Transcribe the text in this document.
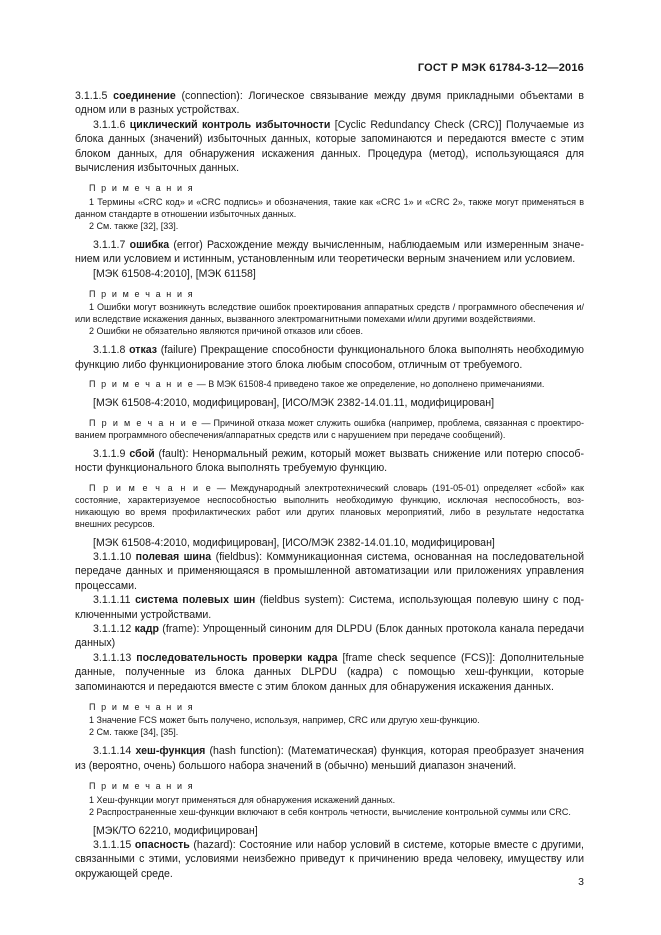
ГОСТ Р МЭК 61784-3-12—2016

3.1.1.5 соединение (connection): Логическое связывание между двумя прикладными объектами в одном или в разных устройствах.

3.1.1.6 циклический контроль избыточности [Cyclic Redundancy Check (CRC)] Получаемые из блока данных (значений) избыточных данных, которые запоминаются и передаются вместе с этим блоком данных, для обнаружения искажения данных. Процедура (метод), использующаяся для вычисления избыточных данных.

П р и м е ч а н и я

1 Термины «CRC код» и «CRC подпись» и обозначения, такие как «CRC 1» и «CRC 2», также могут применяться в данном стандарте в отношении избыточных данных.

2 См. также [32], [33].

3.1.1.7 ошибка (error) Расхождение между вычисленным, наблюдаемым или измеренным значением или условием и истинным, установленным или теоретически верным значением или условием.

[МЭК 61508-4:2010], [МЭК 61158]

П р и м е ч а н и я

1 Ошибки могут возникнуть вследствие ошибок проектирования аппаратных средств / программного обеспечения и/или вследствие искажения данных, вызванного электромагнитными помехами и/или другими воздействиями.

2 Ошибки не обязательно являются причиной отказов или сбоев.

3.1.1.8 отказ (failure) Прекращение способности функционального блока выполнять необходимую функцию либо функционирование этого блока любым способом, отличным от требуемого.

П р и м е ч а н и е — В МЭК 61508-4 приведено такое же определение, но дополнено примечаниями.

[МЭК 61508-4:2010, модифицирован], [ИСО/МЭК 2382-14.01.11, модифицирован]

П р и м е ч а н и е — Причиной отказа может служить ошибка (например, проблема, связанная с проектированием программного обеспечения/аппаратных средств или с нарушением при передаче сообщений).

3.1.1.9 сбой (fault): Ненормальный режим, который может вызвать снижение или потерю способности функционального блока выполнять требуемую функцию.

П р и м е ч а н и е — Международный электротехнический словарь (191-05-01) определяет «сбой» как состояние, характеризуемое неспособностью выполнить необходимую функцию, исключая неспособность, возникающую во время профилактических работ или других плановых мероприятий, либо в результате недостатка внешних ресурсов.

[МЭК 61508-4:2010, модифицирован], [ИСО/МЭК 2382-14.01.10, модифицирован]

3.1.1.10 полевая шина (fieldbus): Коммуникационная система, основанная на последовательной передаче данных и применяющаяся в промышленной автоматизации или приложениях управления процессами.

3.1.1.11 система полевых шин (fieldbus system): Система, использующая полевую шину с подключенными устройствами.

3.1.1.12 кадр (frame): Упрощенный синоним для DLPDU (Блок данных протокола канала передачи данных)

3.1.1.13 последовательность проверки кадра [frame check sequence (FCS)]: Дополнительные данные, полученные из блока данных DLPDU (кадра) с помощью хеш-функции, которые запоминаются и передаются вместе с этим блоком данных для обнаружения искажения данных.

П р и м е ч а н и я

1 Значение FCS может быть получено, используя, например, CRC или другую хеш-функцию.

2 См. также [34], [35].

3.1.1.14 хеш-функция (hash function): (Математическая) функция, которая преобразует значения из (вероятно, очень) большого набора значений в (обычно) меньший диапазон значений.

П р и м е ч а н и я

1 Хеш-функции могут применяться для обнаружения искажений данных.

2 Распространенные хеш-функции включают в себя контроль четности, вычисление контрольной суммы или CRC.

[МЭК/ТО 62210, модифицирован]

3.1.1.15 опасность (hazard): Состояние или набор условий в системе, которые вместе с другими, связанными с этими, условиями неизбежно приведут к причинению вреда человеку, имуществу или окружающей среде.

3
